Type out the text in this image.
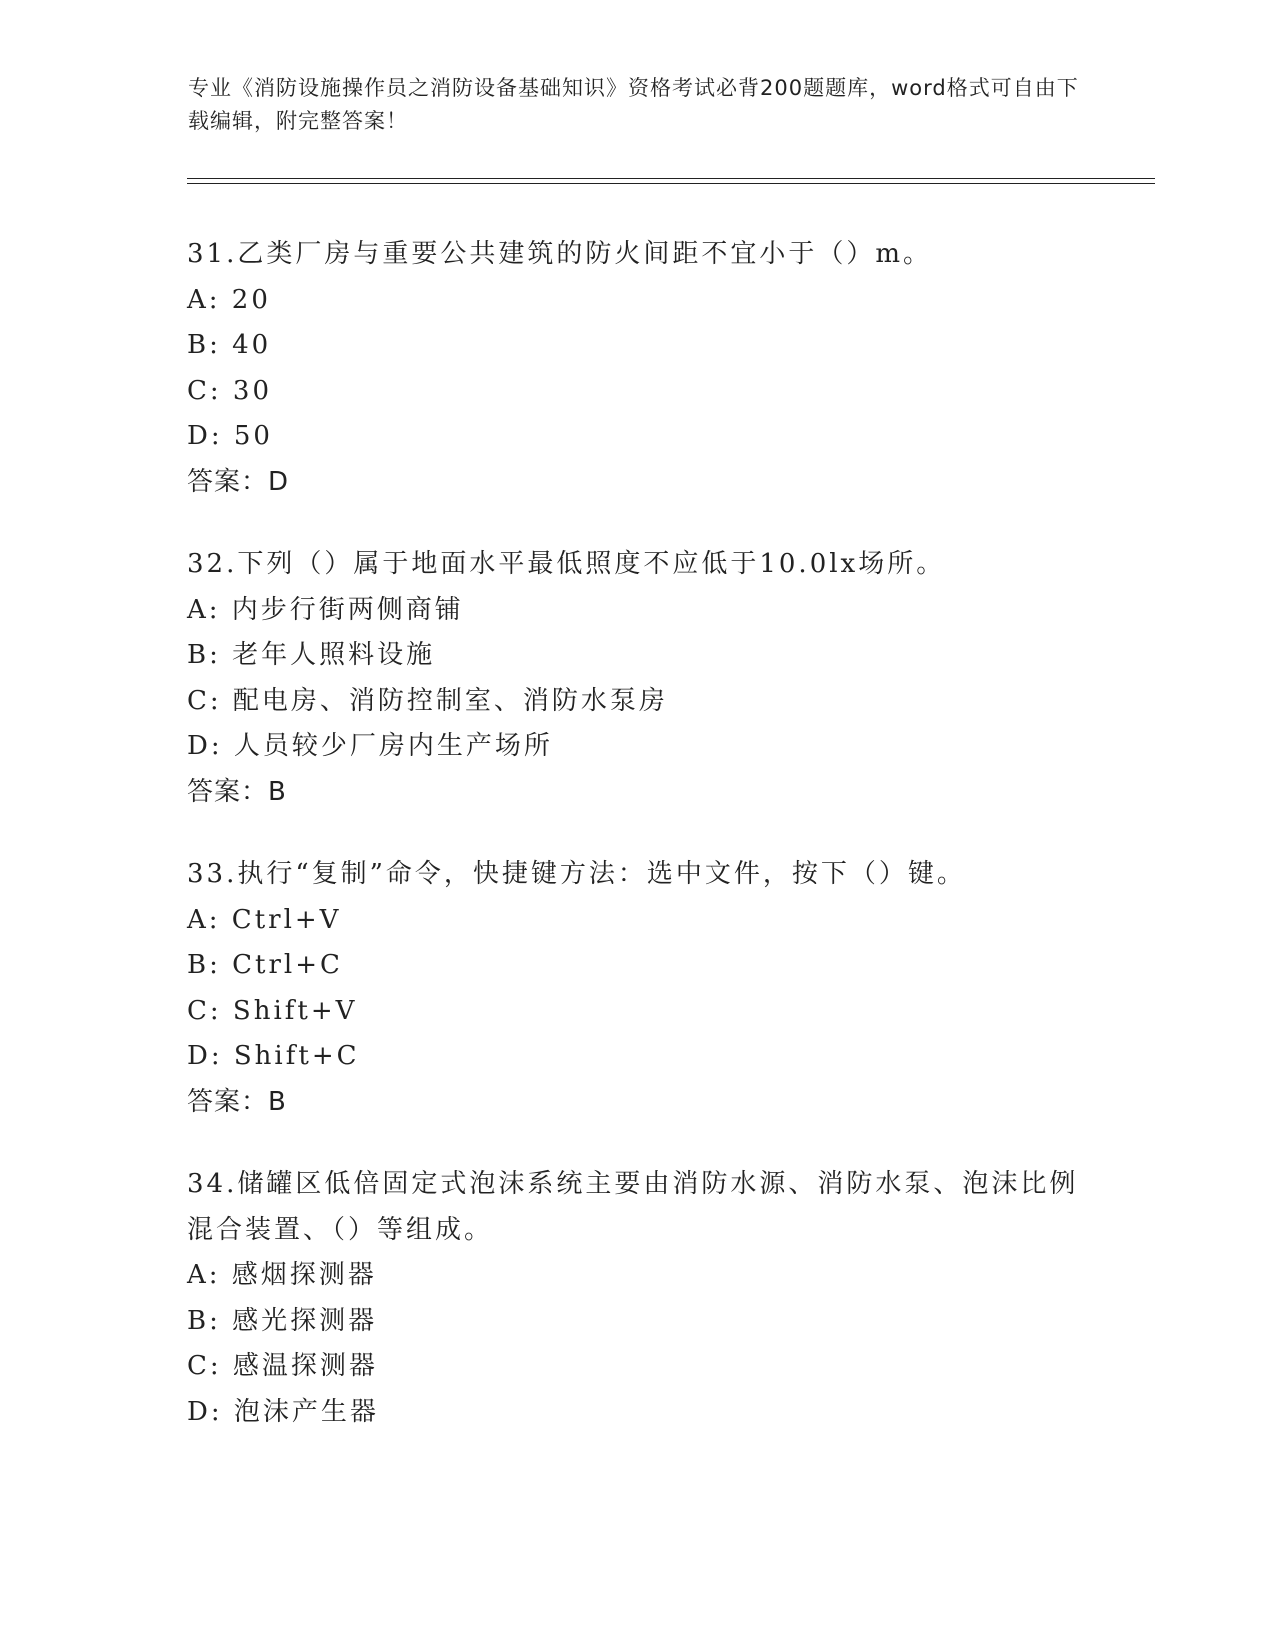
专业《消防设施操作员之消防设备基础知识》资格考试必背200题题库，word格式可自由下载编辑，附完整答案！
31.乙类厂房与重要公共建筑的防火间距不宜小于（）m。
A: 20
B: 40
C: 30
D: 50
答案：D
32.下列（）属于地面水平最低照度不应低于10.0lx场所。
A: 内步行街两侧商铺
B: 老年人照料设施
C: 配电房、消防控制室、消防水泵房
D: 人员较少厂房内生产场所
答案：B
33.执行“复制”命令，快捷键方法：选中文件，按下（）键。
A: Ctrl+V
B: Ctrl+C
C: Shift+V
D: Shift+C
答案：B
34.储罐区低倍固定式泡沫系统主要由消防水源、消防水泵、泡沫比例混合装置、（）等组成。
A: 感烟探测器
B: 感光探测器
C: 感温探测器
D: 泡沫产生器
